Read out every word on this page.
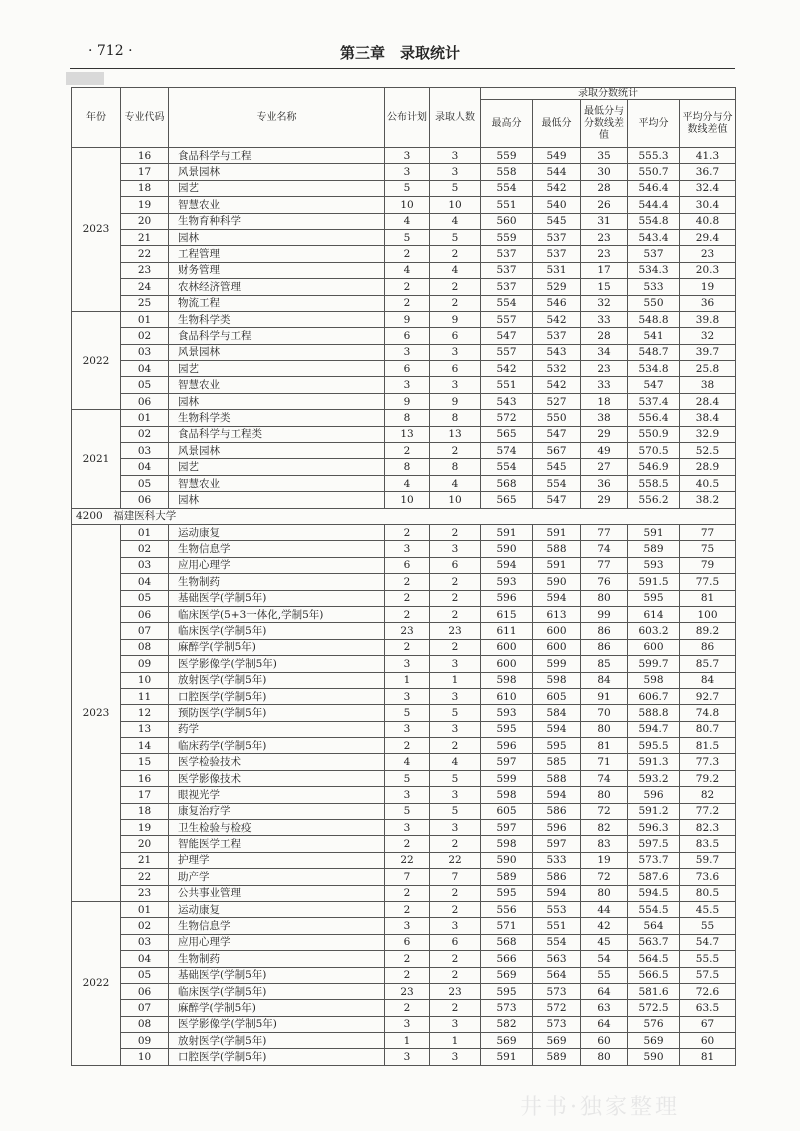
· 712 ·	第三章　录取统计
井书·独家整理
年份	专业代码	专业名称	公布计划	录取人数	录取分数统计				
					最高分	最低分	最低分与分数线差值	平均分	平均分与分数线差值
2023	16	食品科学与工程	3	3	559	549	35	555.3	41.3
	17	风景园林	3	3	558	544	30	550.7	36.7
	18	园艺	5	5	554	542	28	546.4	32.4
	19	智慧农业	10	10	551	540	26	544.4	30.4
	20	生物育种科学	4	4	560	545	31	554.8	40.8
	21	园林	5	5	559	537	23	543.4	29.4
	22	工程管理	2	2	537	537	23	537	23
	23	财务管理	4	4	537	531	17	534.3	20.3
	24	农林经济管理	2	2	537	529	15	533	19
	25	物流工程	2	2	554	546	32	550	36
2022	01	生物科学类	9	9	557	542	33	548.8	39.8
	02	食品科学与工程	6	6	547	537	28	541	32
	03	风景园林	3	3	557	543	34	548.7	39.7
	04	园艺	6	6	542	532	23	534.8	25.8
	05	智慧农业	3	3	551	542	33	547	38
	06	园林	9	9	543	527	18	537.4	28.4
2021	01	生物科学类	8	8	572	550	38	556.4	38.4
	02	食品科学与工程类	13	13	565	547	29	550.9	32.9
	03	风景园林	2	2	574	567	49	570.5	52.5
	04	园艺	8	8	554	545	27	546.9	28.9
	05	智慧农业	4	4	568	554	36	558.5	40.5
	06	园林	10	10	565	547	29	556.2	38.2
4200　福建医科大学									
2023	01	运动康复	2	2	591	591	77	591	77
	02	生物信息学	3	3	590	588	74	589	75
	03	应用心理学	6	6	594	591	77	593	79
	04	生物制药	2	2	593	590	76	591.5	77.5
	05	基础医学(学制5年)	2	2	596	594	80	595	81
	06	临床医学(5+3一体化,学制5年)	2	2	615	613	99	614	100
	07	临床医学(学制5年)	23	23	611	600	86	603.2	89.2
	08	麻醉学(学制5年)	2	2	600	600	86	600	86
	09	医学影像学(学制5年)	3	3	600	599	85	599.7	85.7
	10	放射医学(学制5年)	1	1	598	598	84	598	84
	11	口腔医学(学制5年)	3	3	610	605	91	606.7	92.7
	12	预防医学(学制5年)	5	5	593	584	70	588.8	74.8
	13	药学	3	3	595	594	80	594.7	80.7
	14	临床药学(学制5年)	2	2	596	595	81	595.5	81.5
	15	医学检验技术	4	4	597	585	71	591.3	77.3
	16	医学影像技术	5	5	599	588	74	593.2	79.2
	17	眼视光学	3	3	598	594	80	596	82
	18	康复治疗学	5	5	605	586	72	591.2	77.2
	19	卫生检验与检疫	3	3	597	596	82	596.3	82.3
	20	智能医学工程	2	2	598	597	83	597.5	83.5
	21	护理学	22	22	590	533	19	573.7	59.7
	22	助产学	7	7	589	586	72	587.6	73.6
	23	公共事业管理	2	2	595	594	80	594.5	80.5
2022	01	运动康复	2	2	556	553	44	554.5	45.5
	02	生物信息学	3	3	571	551	42	564	55
	03	应用心理学	6	6	568	554	45	563.7	54.7
	04	生物制药	2	2	566	563	54	564.5	55.5
	05	基础医学(学制5年)	2	2	569	564	55	566.5	57.5
	06	临床医学(学制5年)	23	23	595	573	64	581.6	72.6
	07	麻醉学(学制5年)	2	2	573	572	63	572.5	63.5
	08	医学影像学(学制5年)	3	3	582	573	64	576	67
	09	放射医学(学制5年)	1	1	569	569	60	569	60
	10	口腔医学(学制5年)	3	3	591	589	80	590	81
